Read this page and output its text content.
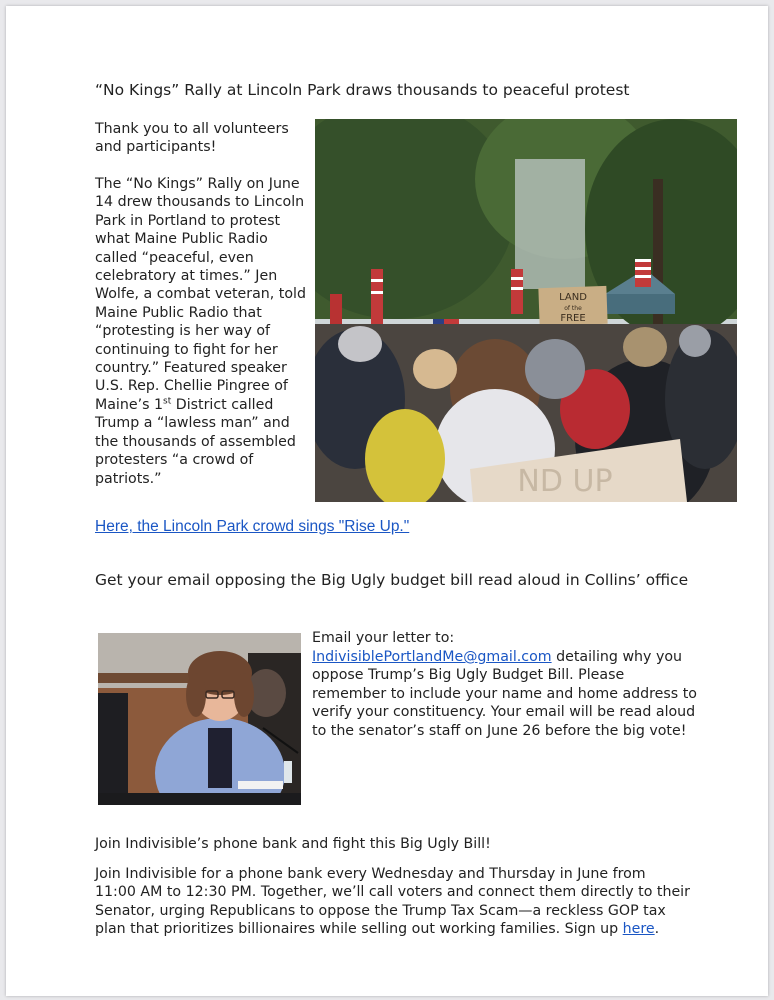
“No Kings” Rally at Lincoln Park draws thousands to peaceful protest

Thank you to all volunteers and participants!

The “No Kings” Rally on June 14 drew thousands to Lincoln Park in Portland to protest what Maine Public Radio called “peaceful, even celebratory at times.” Jen Wolfe, a combat veteran, told Maine Public Radio that “protesting is her way of continuing to fight for her country.” Featured speaker U.S. Rep. Chellie Pingree of Maine’s 1st District called Trump a “lawless man” and the thousands of assembled protesters “a crowd of patriots.”

LAND
of the
FREE
ND UP
Here, the Lincoln Park crowd sings "Rise Up."
Get your email opposing the Big Ugly budget bill read aloud in Collins’ office

Email your letter to:

IndivisiblePortlandMe@gmail.com detailing why you oppose Trump’s Big Ugly Budget Bill. Please remember to include your name and home address to verify your constituency. Your email will be read aloud to the senator’s staff on June 26 before the big vote!

Join Indivisible’s phone bank and fight this Big Ugly Bill!

Join Indivisible for a phone bank every Wednesday and Thursday in June from 11:00 AM to 12:30 PM. Together, we’ll call voters and connect them directly to their Senator, urging Republicans to oppose the Trump Tax Scam—a reckless GOP tax plan that prioritizes billionaires while selling out working families. Sign up here.
